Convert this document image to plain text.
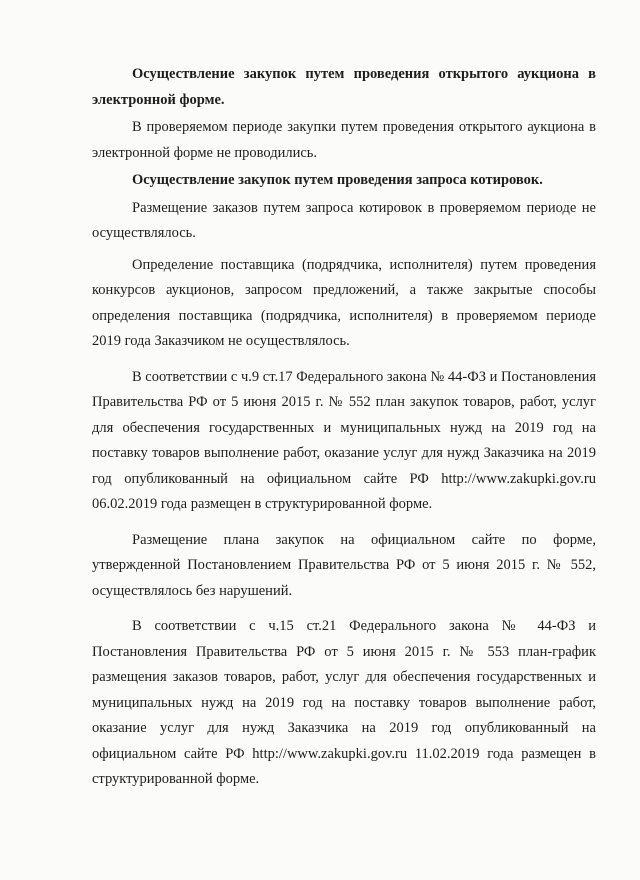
Осуществление закупок путем проведения открытого аукциона в электронной форме.

В проверяемом периоде закупки путем проведения открытого аукциона в электронной форме не проводились.

Осуществление закупок путем проведения запроса котировок.

Размещение заказов путем запроса котировок в проверяемом периоде не осуществлялось.

Определение поставщика (подрядчика, исполнителя) путем проведения конкурсов аукционов, запросом предложений, а также закрытые способы определения поставщика (подрядчика, исполнителя) в проверяемом периоде 2019 года Заказчиком не осуществлялось.

В соответствии с ч.9 ст.17 Федерального закона № 44-ФЗ и Постановления Правительства РФ от 5 июня 2015 г. № 552 план закупок товаров, работ, услуг для обеспечения государственных и муниципальных нужд на 2019 год на поставку товаров выполнение работ, оказание услуг для нужд Заказчика на 2019 год опубликованный на официальном сайте РФ http://www.zakupki.gov.ru 06.02.2019 года размещен в структурированной форме.

Размещение плана закупок на официальном сайте по форме, утвержденной Постановлением Правительства РФ от 5 июня 2015 г. № 552, осуществлялось без нарушений.

В соответствии с ч.15 ст.21 Федерального закона № 44-ФЗ и Постановления Правительства РФ от 5 июня 2015 г. № 553 план-график размещения заказов товаров, работ, услуг для обеспечения государственных и муниципальных нужд на 2019 год на поставку товаров выполнение работ, оказание услуг для нужд Заказчика на 2019 год опубликованный на официальном сайте РФ http://www.zakupki.gov.ru 11.02.2019 года размещен в структурированной форме.
